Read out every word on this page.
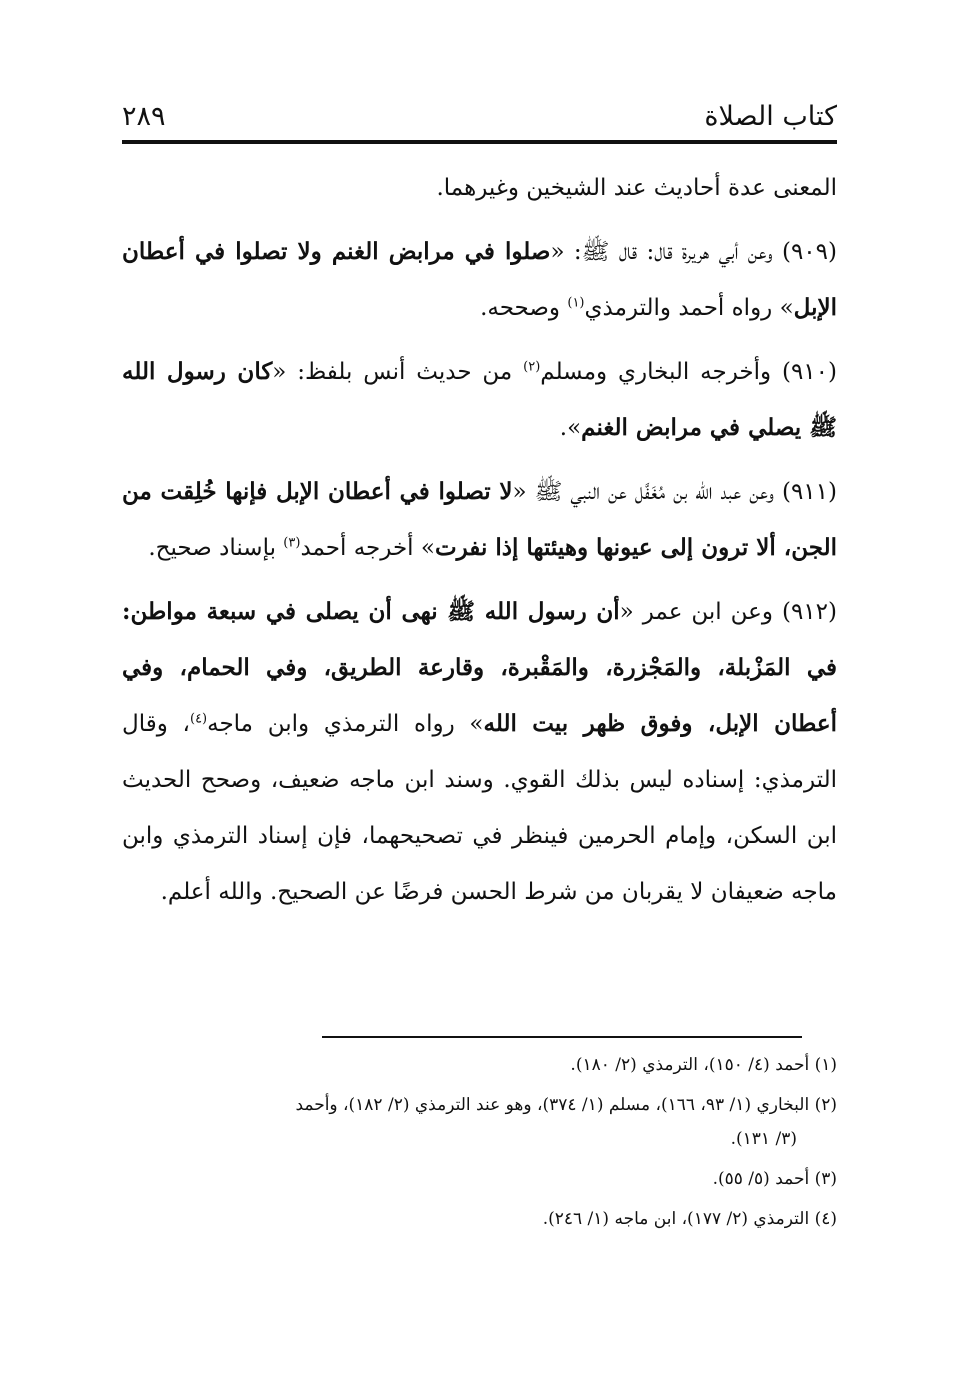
كتاب الصلاة
٢٨٩

المعنى عدة أحاديث عند الشيخين وغيرهما.

(٩٠٩) وعن أبي هريرة قال: قال ﷺ: «صلوا في مرابض الغنم ولا تصلوا في أعطان الإبل» رواه أحمد والترمذي$^{(١)}$ وصححه.

(٩١٠) وأخرجه البخاري ومسلم$^{(٢)}$ من حديث أنس بلفظ: «كان رسول الله ﷺ يصلي في مرابض الغنم».

(٩١١) وعن عبد الله بن مُغَفَّل عن النبي ﷺ «لا تصلوا في أعطان الإبل فإنها خُلِقت من الجن، ألا ترون إلى عيونها وهيئتها إذا نفرت» أخرجه أحمد$^{(٣)}$ بإسناد صحيح.

(٩١٢) وعن ابن عمر «أن رسول الله ﷺ نهى أن يصلى في سبعة مواطن: في المَزْبلة، والمَجْزرة، والمَقْبرة، وقارعة الطريق، وفي الحمام، وفي أعطان الإبل، وفوق ظهر بيت الله» رواه الترمذي وابن ماجه$^{(٤)}$، وقال الترمذي: إسناده ليس بذلك القوي. وسند ابن ماجه ضعيف، وصحح الحديث ابن السكن، وإمام الحرمين فينظر في تصحيحهما، فإن إسناد الترمذي وابن ماجه ضعيفان لا يقربان من شرط الحسن فرضًا عن الصحيح. والله أعلم.

(١) أحمد (٤/ ١٥٠)، الترمذي (٢/ ١٨٠).

(٢) البخاري (١/ ٩٣، ١٦٦)، مسلم (١/ ٣٧٤)، وهو عند الترمذي (٢/ ١٨٢)، وأحمد

(٣/ ١٣١).

(٣) أحمد (٥/ ٥٥).

(٤) الترمذي (٢/ ١٧٧)، ابن ماجه (١/ ٢٤٦).
